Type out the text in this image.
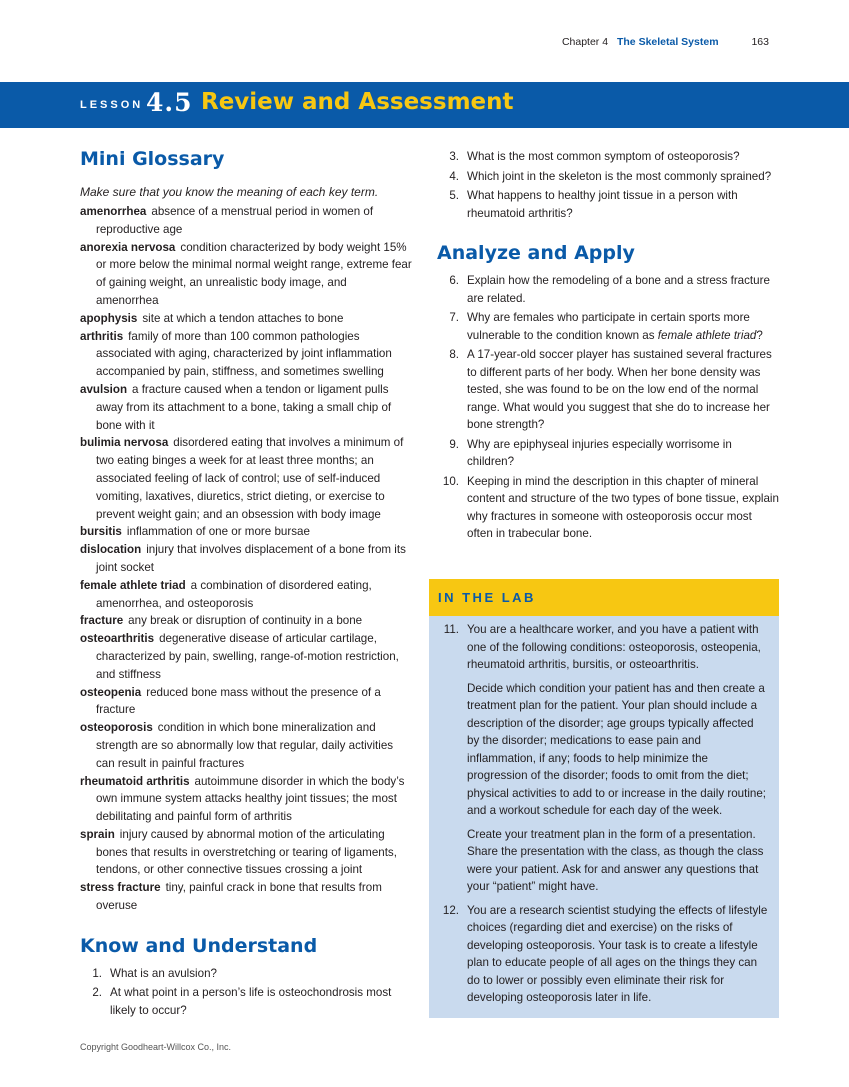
Chapter 4 The Skeletal System	163
LESSON 4.5 Review and Assessment
Mini Glossary
Make sure that you know the meaning of each key term.
amenorrhea absence of a menstrual period in women of reproductive age
anorexia nervosa condition characterized by body weight 15% or more below the minimal normal weight range, extreme fear of gaining weight, an unrealistic body image, and amenorrhea
apophysis site at which a tendon attaches to bone
arthritis family of more than 100 common pathologies associated with aging, characterized by joint inflammation accompanied by pain, stiffness, and sometimes swelling
avulsion a fracture caused when a tendon or ligament pulls away from its attachment to a bone, taking a small chip of bone with it
bulimia nervosa disordered eating that involves a minimum of two eating binges a week for at least three months; an associated feeling of lack of control; use of self-induced vomiting, laxatives, diuretics, strict dieting, or exercise to prevent weight gain; and an obsession with body image
bursitis inflammation of one or more bursae
dislocation injury that involves displacement of a bone from its joint socket
female athlete triad a combination of disordered eating, amenorrhea, and osteoporosis
fracture any break or disruption of continuity in a bone
osteoarthritis degenerative disease of articular cartilage, characterized by pain, swelling, range-of-motion restriction, and stiffness
osteopenia reduced bone mass without the presence of a fracture
osteoporosis condition in which bone mineralization and strength are so abnormally low that regular, daily activities can result in painful fractures
rheumatoid arthritis autoimmune disorder in which the body’s own immune system attacks healthy joint tissues; the most debilitating and painful form of arthritis
sprain injury caused by abnormal motion of the articulating bones that results in overstretching or tearing of ligaments, tendons, or other connective tissues crossing a joint
stress fracture tiny, painful crack in bone that results from overuse
Know and Understand
1. What is an avulsion?
2. At what point in a person’s life is osteochondrosis most likely to occur?
3. What is the most common symptom of osteoporosis?
4. Which joint in the skeleton is the most commonly sprained?
5. What happens to healthy joint tissue in a person with rheumatoid arthritis?
Analyze and Apply
6. Explain how the remodeling of a bone and a stress fracture are related.
7. Why are females who participate in certain sports more vulnerable to the condition known as female athlete triad?
8. A 17-year-old soccer player has sustained several fractures to different parts of her body. When her bone density was tested, she was found to be on the low end of the normal range. What would you suggest that she do to increase her bone strength?
9. Why are epiphyseal injuries especially worrisome in children?
10. Keeping in mind the description in this chapter of mineral content and structure of the two types of bone tissue, explain why fractures in someone with osteoporosis occur most often in trabecular bone.
IN THE LAB
11. You are a healthcare worker, and you have a patient with one of the following conditions: osteoporosis, osteopenia, rheumatoid arthritis, bursitis, or osteoarthritis.

Decide which condition your patient has and then create a treatment plan for the patient. Your plan should include a description of the disorder; age groups typically affected by the disorder; medications to ease pain and inflammation, if any; foods to help minimize the progression of the disorder; foods to omit from the diet; physical activities to add to or increase in the daily routine; and a workout schedule for each day of the week.

Create your treatment plan in the form of a presentation. Share the presentation with the class, as though the class were your patient. Ask for and answer any questions that your “patient” might have.

12. You are a research scientist studying the effects of lifestyle choices (regarding diet and exercise) on the risks of developing osteoporosis. Your task is to create a lifestyle plan to educate people of all ages on the things they can do to lower or possibly even eliminate their risk for developing osteoporosis later in life.
Copyright Goodheart-Willcox Co., Inc.
